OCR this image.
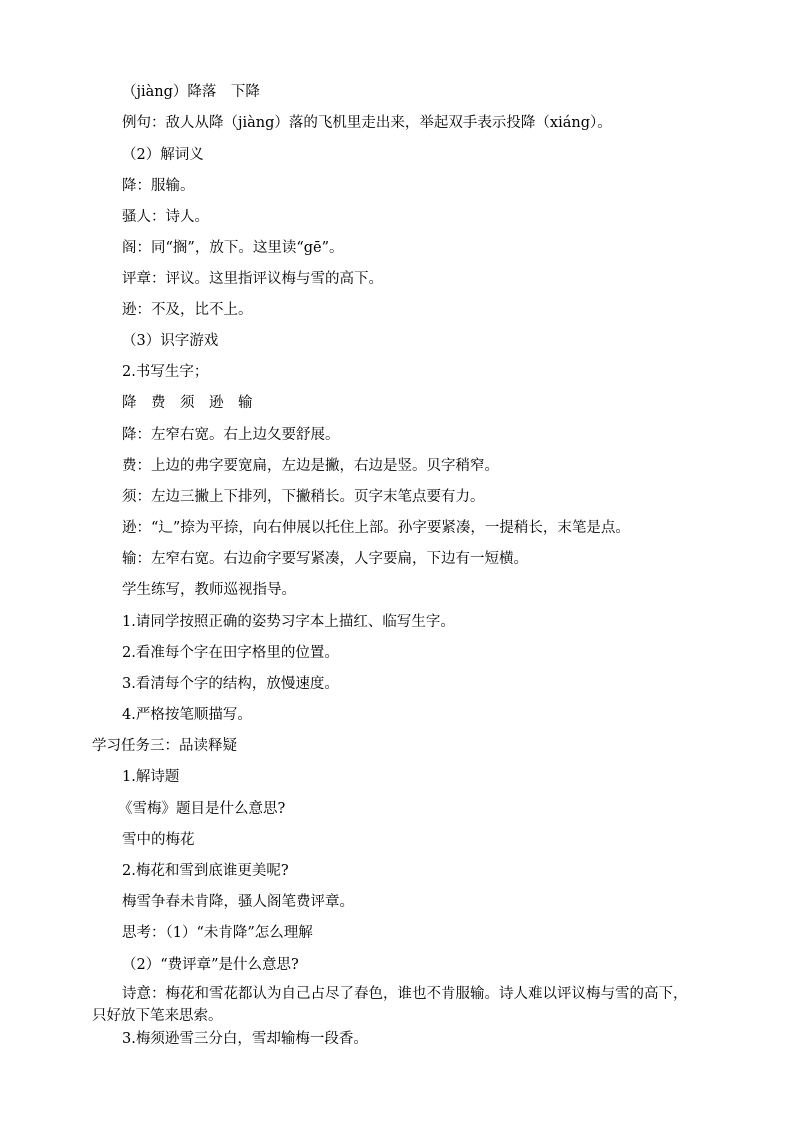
（jiàng）降落　下降
例句：敌人从降（jiàng）落的飞机里走出来，举起双手表示投降（xiáng）。
（2）解词义
降：服输。
骚人：诗人。
阁：同“搁”，放下。这里读“gē”。
评章：评议。这里指评议梅与雪的高下。
逊：不及，比不上。
（3）识字游戏
2.书写生字；
降　费　须　逊　输
降：左窄右宽。右上边夂要舒展。
费：上边的弗字要宽扁，左边是撇，右边是竖。贝字稍窄。
须：左边三撇上下排列，下撇稍长。页字末笔点要有力。
逊：“辶”捺为平捺，向右伸展以托住上部。孙字要紧凑，一提稍长，末笔是点。
输：左窄右宽。右边俞字要写紧凑，人字要扁，下边有一短横。
学生练写，教师巡视指导。
1.请同学按照正确的姿势习字本上描红、临写生字。
2.看准每个字在田字格里的位置。
3.看清每个字的结构，放慢速度。
4.严格按笔顺描写。
学习任务三：品读释疑
1.解诗题
《雪梅》题目是什么意思?
雪中的梅花
2.梅花和雪到底谁更美呢?
梅雪争春未肯降，骚人阁笔费评章。
思考：（1）“未肯降”怎么理解
（2）“费评章”是什么意思?
诗意：梅花和雪花都认为自己占尽了春色，谁也不肯服输。诗人难以评议梅与雪的高下，只好放下笔来思索。
3.梅须逊雪三分白，雪却输梅一段香。
